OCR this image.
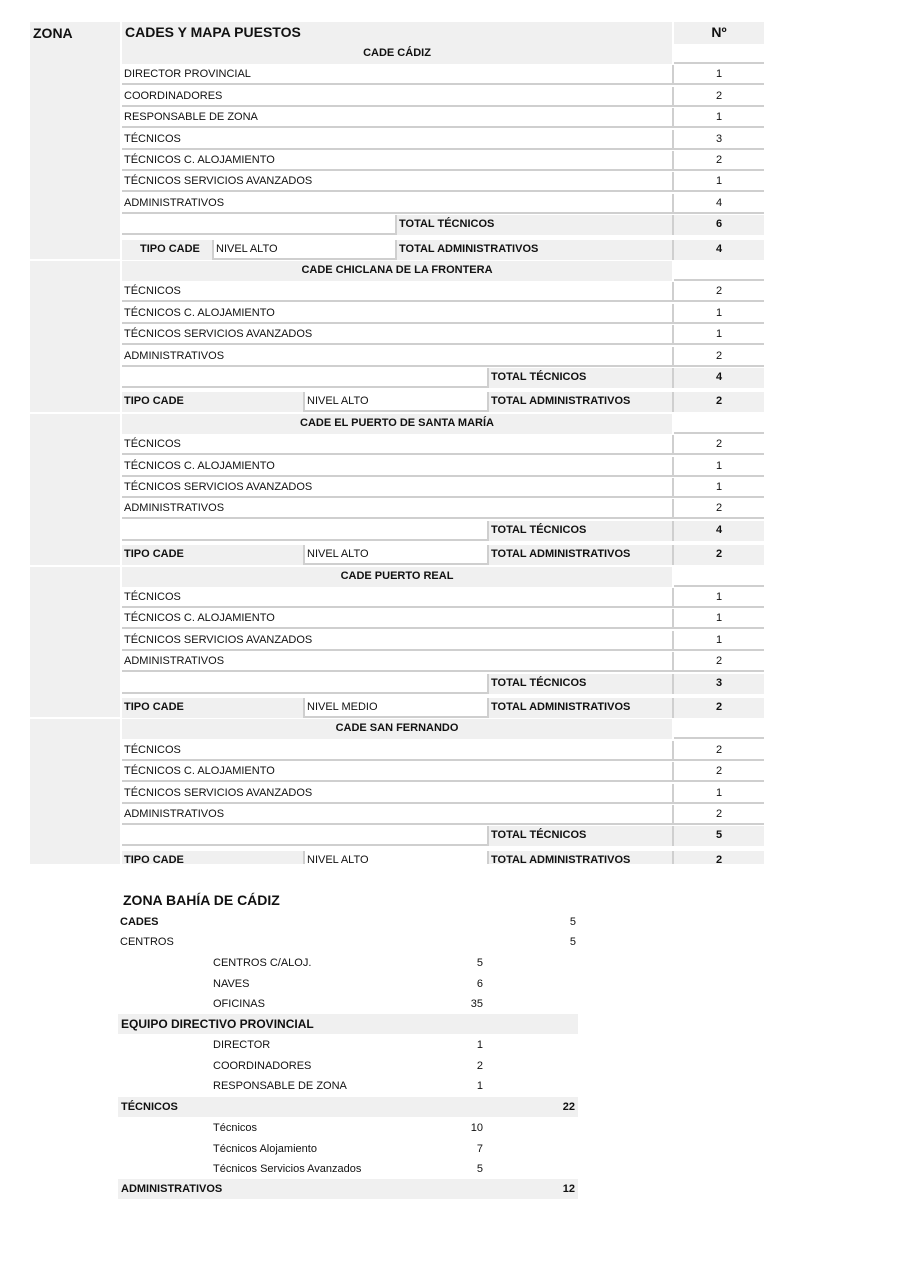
ZONA	CADES Y MAPA PUESTOS	Nº
CADE CÁDIZ
DIRECTOR PROVINCIAL	1
COORDINADORES	2
RESPONSABLE DE ZONA	1
TÉCNICOS	3
TÉCNICOS C. ALOJAMIENTO	2
TÉCNICOS SERVICIOS AVANZADOS	1
ADMINISTRATIVOS	4
TOTAL TÉCNICOS	6
TIPO CADE	NIVEL ALTO	TOTAL ADMINISTRATIVOS	4
CADE CHICLANA DE LA FRONTERA
TÉCNICOS	2
TÉCNICOS C. ALOJAMIENTO	1
TÉCNICOS SERVICIOS AVANZADOS	1
ADMINISTRATIVOS	2
TOTAL TÉCNICOS	4
TIPO CADE	NIVEL ALTO	TOTAL ADMINISTRATIVOS	2
CADE EL PUERTO DE SANTA MARÍA
TÉCNICOS	2
TÉCNICOS C. ALOJAMIENTO	1
TÉCNICOS SERVICIOS AVANZADOS	1
ADMINISTRATIVOS	2
TOTAL TÉCNICOS	4
TIPO CADE	NIVEL ALTO	TOTAL ADMINISTRATIVOS	2
CADE PUERTO REAL
TÉCNICOS	1
TÉCNICOS C. ALOJAMIENTO	1
TÉCNICOS SERVICIOS AVANZADOS	1
ADMINISTRATIVOS	2
TOTAL TÉCNICOS	3
TIPO CADE	NIVEL MEDIO	TOTAL ADMINISTRATIVOS	2
CADE SAN FERNANDO
TÉCNICOS	2
TÉCNICOS C. ALOJAMIENTO	2
TÉCNICOS SERVICIOS AVANZADOS	1
ADMINISTRATIVOS	2
TOTAL TÉCNICOS	5
TIPO CADE	NIVEL ALTO	TOTAL ADMINISTRATIVOS	2
ZONA BAHÍA DE CÁDIZ
CADES	5
CENTROS	5
CENTROS C/ALOJ.	5
NAVES	6
OFICINAS	35
EQUIPO DIRECTIVO PROVINCIAL
DIRECTOR	1
COORDINADORES	2
RESPONSABLE DE ZONA	1
TÉCNICOS	22
Técnicos	10
Técnicos Alojamiento	7
Técnicos Servicios Avanzados	5
ADMINISTRATIVOS	12
